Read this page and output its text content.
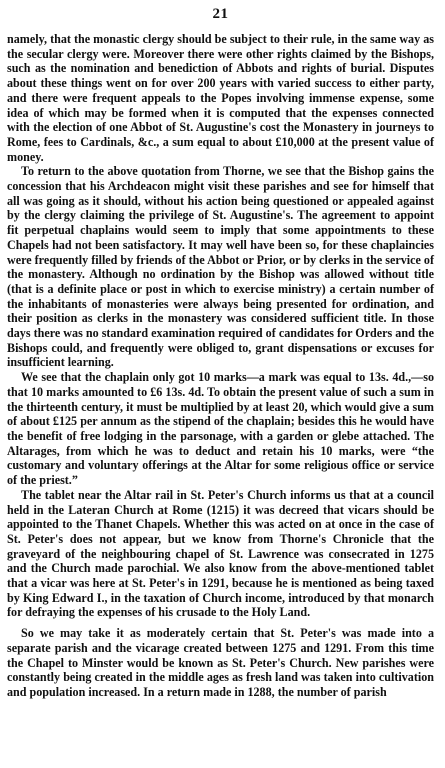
21

namely, that the monastic clergy should be subject to their rule, in the same way as the secular clergy were. Moreover there were other rights claimed by the Bishops, such as the nomination and benediction of Abbots and rights of burial. Disputes about these things went on for over 200 years with varied success to either party, and there were frequent appeals to the Popes involving immense expense, some idea of which may be formed when it is computed that the expenses connected with the election of one Abbot of St. Augustine's cost the Monastery in journeys to Rome, fees to Cardinals, &c., a sum equal to about £10,000 at the present value of money.

To return to the above quotation from Thorne, we see that the Bishop gains the concession that his Archdeacon might visit these parishes and see for himself that all was going as it should, without his action being questioned or appealed against by the clergy claiming the privilege of St. Augustine's. The agreement to appoint fit perpetual chaplains would seem to imply that some appointments to these Chapels had not been satisfactory. It may well have been so, for these chaplaincies were frequently filled by friends of the Abbot or Prior, or by clerks in the service of the monastery. Although no ordination by the Bishop was allowed without title (that is a definite place or post in which to exercise ministry) a certain number of the inhabitants of monasteries were always being presented for ordination, and their position as clerks in the monastery was considered sufficient title. In those days there was no standard examination required of candidates for Orders and the Bishops could, and frequently were obliged to, grant dispensations or excuses for insufficient learning.

We see that the chaplain only got 10 marks—a mark was equal to 13s. 4d.,—so that 10 marks amounted to £6 13s. 4d. To obtain the present value of such a sum in the thirteenth century, it must be multiplied by at least 20, which would give a sum of about £125 per annum as the stipend of the chaplain; besides this he would have the benefit of free lodging in the parsonage, with a garden or glebe attached. The Altarages, from which he was to deduct and retain his 10 marks, were “the customary and voluntary offerings at the Altar for some religious office or service of the priest.”

The tablet near the Altar rail in St. Peter's Church informs us that at a council held in the Lateran Church at Rome (1215) it was decreed that vicars should be appointed to the Thanet Chapels. Whether this was acted on at once in the case of St. Peter's does not appear, but we know from Thorne's Chronicle that the graveyard of the neighbouring chapel of St. Lawrence was consecrated in 1275 and the Church made parochial. We also know from the above-mentioned tablet that a vicar was here at St. Peter's in 1291, because he is mentioned as being taxed by King Edward I., in the taxation of Church income, introduced by that monarch for defraying the expenses of his crusade to the Holy Land.

So we may take it as moderately certain that St. Peter's was made into a separate parish and the vicarage created between 1275 and 1291. From this time the Chapel to Minster would be known as St. Peter's Church. New parishes were constantly being created in the middle ages as fresh land was taken into cultivation and population increased. In a return made in 1288, the number of parish
